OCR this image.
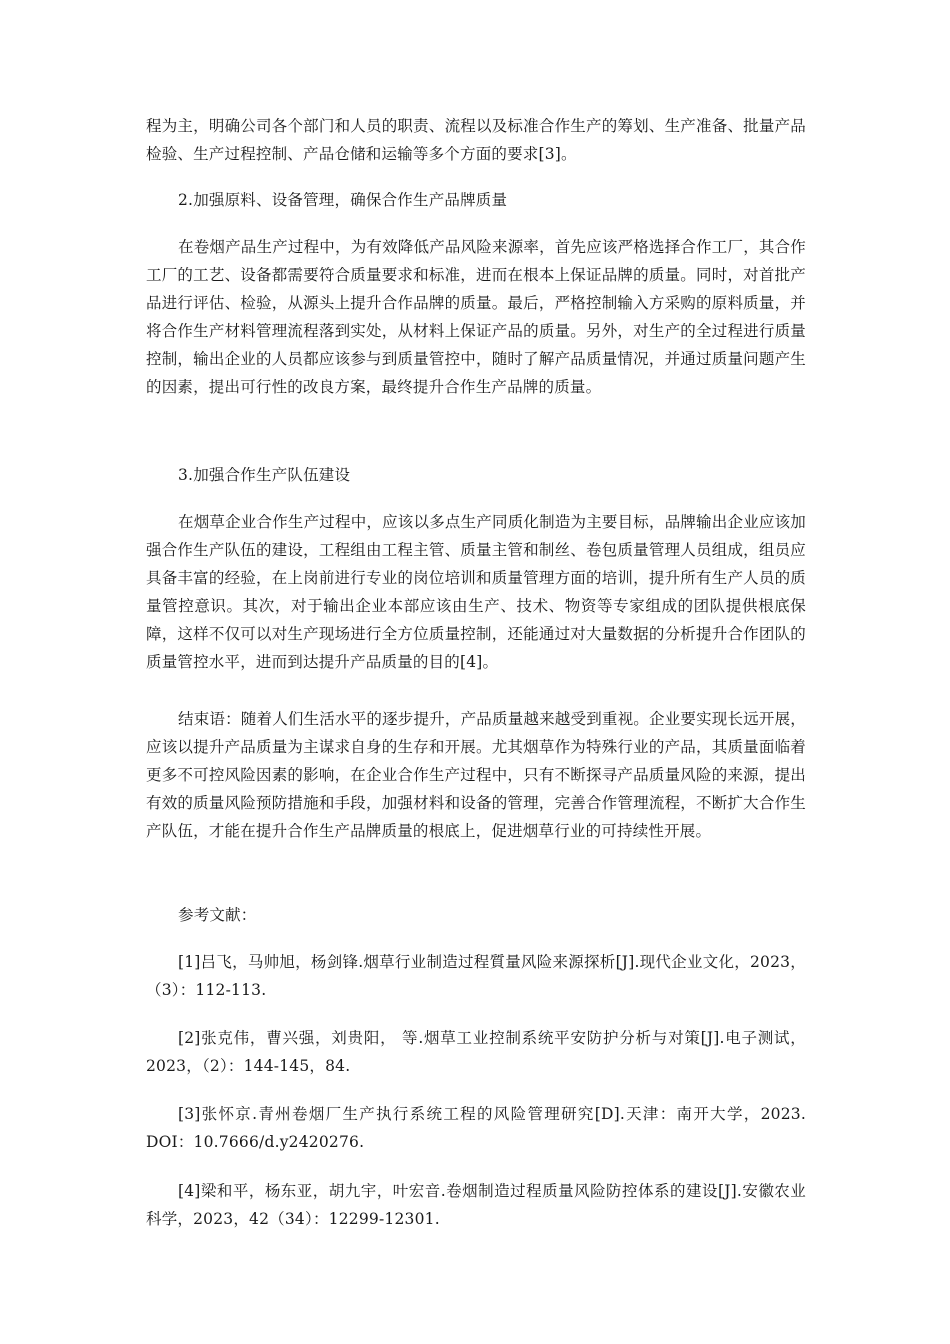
程为主，明确公司各个部门和人员的职责、流程以及标准合作生产的筹划、生产准备、批量产品检验、生产过程控制、产品仓储和运输等多个方面的要求[3]。

2.加强原料、设备管理，确保合作生产品牌质量

在卷烟产品生产过程中，为有效降低产品风险来源率，首先应该严格选择合作工厂，其合作工厂的工艺、设备都需要符合质量要求和标准，进而在根本上保证品牌的质量。同时，对首批产品进行评估、检验，从源头上提升合作品牌的质量。最后，严格控制输入方采购的原料质量，并将合作生产材料管理流程落到实处，从材料上保证产品的质量。另外，对生产的全过程进行质量控制，输出企业的人员都应该参与到质量管控中，随时了解产品质量情况，并通过质量问题产生的因素，提出可行性的改良方案，最终提升合作生产品牌的质量。

3.加强合作生产队伍建设

在烟草企业合作生产过程中，应该以多点生产同质化制造为主要目标，品牌输出企业应该加强合作生产队伍的建设，工程组由工程主管、质量主管和制丝、卷包质量管理人员组成，组员应具备丰富的经验，在上岗前进行专业的岗位培训和质量管理方面的培训，提升所有生产人员的质量管控意识。其次，对于输出企业本部应该由生产、技术、物资等专家组成的团队提供根底保障，这样不仅可以对生产现场进行全方位质量控制，还能通过对大量数据的分析提升合作团队的质量管控水平，进而到达提升产品质量的目的[4]。

结束语：随着人们生活水平的逐步提升，产品质量越来越受到重视。企业要实现长远开展，应该以提升产品质量为主谋求自身的生存和开展。尤其烟草作为特殊行业的产品，其质量面临着更多不可控风险因素的影响，在企业合作生产过程中，只有不断探寻产品质量风险的来源，提出有效的质量风险预防措施和手段，加强材料和设备的管理，完善合作管理流程，不断扩大合作生产队伍，才能在提升合作生产品牌质量的根底上，促进烟草行业的可持续性开展。

参考文献：

[1]吕飞，马帅旭，杨剑锋.烟草行业制造过程質量风险来源探析[J].现代企业文化，2023，（3）：112-113.

[2]张克伟，曹兴强，刘贵阳， 等.烟草工业控制系统平安防护分析与对策[J].电子测试，2023，（2）：144-145，84.

[3]张怀京.青州卷烟厂生产执行系统工程的风险管理研究[D].天津：南开大学，2023. DOI：10.7666/d.y2420276.

[4]梁和平，杨东亚，胡九宇，叶宏音.卷烟制造过程质量风险防控体系的建设[J].安徽农业科学，2023，42（34）：12299-12301.
